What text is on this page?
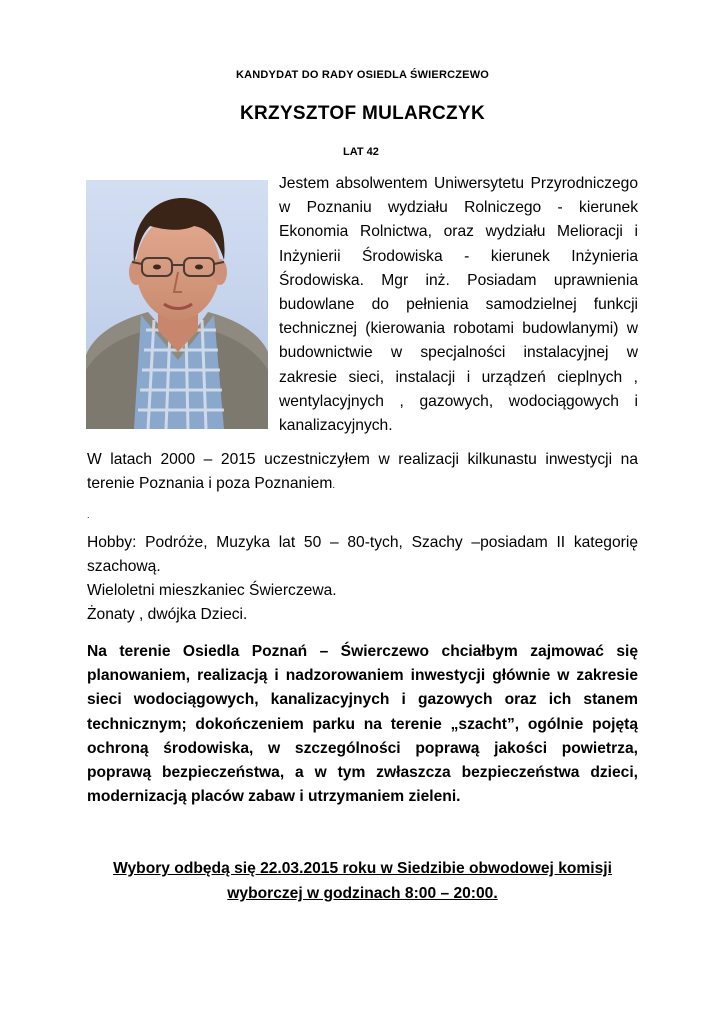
KANDYDAT DO RADY OSIEDLA ŚWIERCZEWO
KRZYSZTOF MULARCZYK
LAT 42
Jestem absolwentem Uniwersytetu Przyrodniczego w Poznaniu wydziału Rolniczego - kierunek Ekonomia Rolnictwa, oraz wydziału Melioracji i Inżynierii Środowiska - kierunek Inżynieria Środowiska. Mgr inż. Posiadam uprawnienia budowlane do pełnienia samodzielnej funkcji technicznej (kierowania robotami budowlanymi) w budownictwie w specjalności instalacyjnej w zakresie sieci, instalacji i urządzeń cieplnych , wentylacyjnych , gazowych, wodociągowych i kanalizacyjnych.
W latach 2000 – 2015 uczestniczyłem w realizacji kilkunastu inwestycji na terenie Poznania i poza Poznaniem.
.
Hobby: Podróże, Muzyka lat 50 – 80-tych, Szachy –posiadam II kategorię szachową.
Wieloletni mieszkaniec Świerczewa.
Żonaty , dwójka Dzieci.
Na terenie Osiedla Poznań – Świerczewo chciałbym zajmować się planowaniem, realizacją i nadzorowaniem inwestycji głównie w zakresie sieci wodociągowych, kanalizacyjnych i gazowych oraz ich stanem technicznym; dokończeniem parku na terenie „szacht”, ogólnie pojętą ochroną środowiska, w szczególności poprawą jakości powietrza, poprawą bezpieczeństwa, a w tym zwłaszcza bezpieczeństwa dzieci, modernizacją placów zabaw i utrzymaniem zieleni.
Wybory odbędą się 22.03.2015 roku w Siedzibie obwodowej komisji
wyborczej w godzinach 8:00 – 20:00.
